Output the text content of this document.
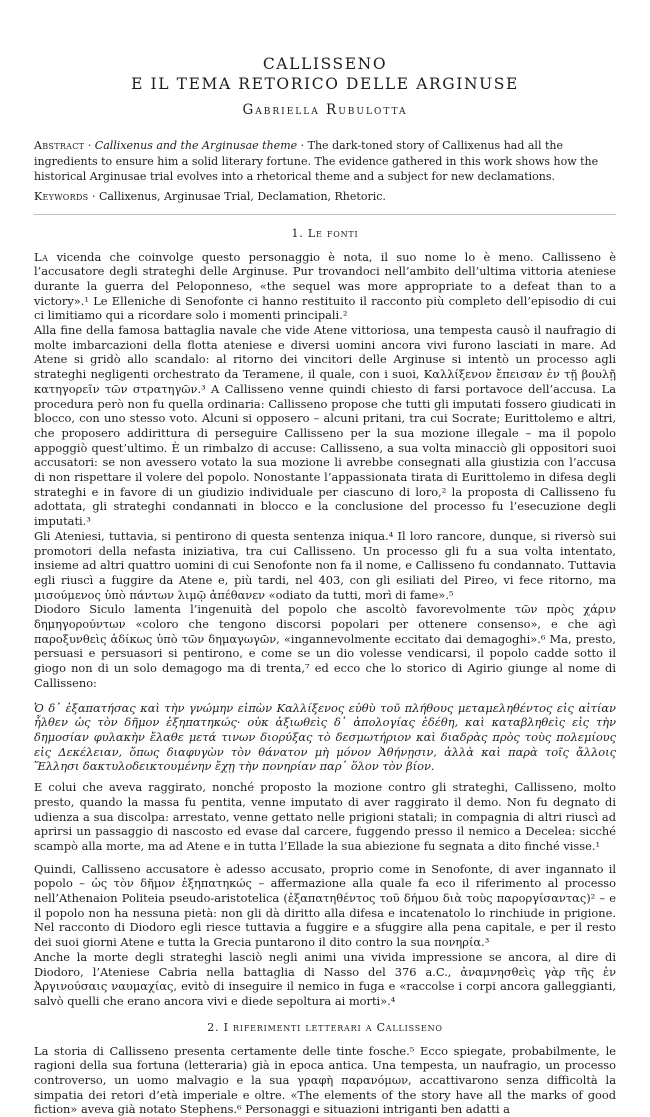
CALLISSENO

E IL TEMA RETORICO DELLE ARGINUSE

Gabriella Rubulotta
Abstract · Callixenus and the Arginusae theme · The dark-toned story of Callixenus had all the ingredients to ensure him a solid literary fortune. The evidence gathered in this work shows how the historical Arginusae trial evolves into a rhetorical theme and a subject for new declamations.
Keywords · Callixenus, Arginusae Trial, Declamation, Rhetoric.
1. Le fonti

La vicenda che coinvolge questo personaggio è nota, il suo nome lo è meno. Callisseno è l’accusatore degli strateghi delle Arginuse. Pur trovandoci nell’ambito dell’ultima vittoria ateniese durante la guerra del Peloponneso, «the sequel was more appropriate to a defeat than to a victory».¹ Le Elleniche di Senofonte ci hanno restituito il racconto più completo dell’episodio di cui ci limitiamo qui a ricordare solo i momenti principali.²

Alla fine della famosa battaglia navale che vide Atene vittoriosa, una tempesta causò il naufragio di molte imbarcazioni della flotta ateniese e diversi uomini ancora vivi furono lasciati in mare. Ad Atene si gridò allo scandalo: al ritorno dei vincitori delle Arginuse si intentò un processo agli strateghi negligenti orchestrato da Teramene, il quale, con i suoi, Καλλίξενον ἔπεισαν ἐν τῇ βουλῇ κατηγορεῖν τῶν στρατηγῶν.³ A Callisseno venne quindi chiesto di farsi portavoce dell’accusa. La procedura però non fu quella ordinaria: Callisseno propose che tutti gli imputati fossero giudicati in blocco, con uno stesso voto. Alcuni si opposero – alcuni pritani, tra cui Socrate; Eurittolemo e altri, che proposero addirittura di perseguire Callisseno per la sua mozione illegale – ma il popolo appoggiò quest’ultimo. È un rimbalzo di accuse: Callisseno, a sua volta minacciò gli oppositori suoi accusatori: se non avessero votato la sua mozione li avrebbe consegnati alla giustizia con l’accusa di non rispettare il volere del popolo. Nonostante l’appassionata tirata di Eurittolemo in difesa degli strateghi e in favore di un giudizio individuale per ciascuno di loro,² la proposta di Callisseno fu adottata, gli strateghi condannati in blocco e la conclusione del processo fu l’esecuzione degli imputati.³

Gli Ateniesi, tuttavia, si pentirono di questa sentenza iniqua.⁴ Il loro rancore, dunque, si riversò sui promotori della nefasta iniziativa, tra cui Callisseno. Un processo gli fu a sua volta intentato, insieme ad altri quattro uomini di cui Senofonte non fa il nome, e Callisseno fu condannato. Tuttavia egli riuscì a fuggire da Atene e, più tardi, nel 403, con gli esiliati del Pireo, vi fece ritorno, ma μισούμενος ὑπὸ πάντων λιμῷ ἀπέθανεν «odiato da tutti, morì di fame».⁵

Diodoro Siculo lamenta l’ingenuità del popolo che ascoltò favorevolmente τῶν πρὸς χάριν δημηγορούντων «coloro che tengono discorsi popolari per ottenere consenso», e che agì παροξυνθεὶς ἀδίκως ὑπὸ τῶν δημαγωγῶν, «ingannevolmente eccitato dai demagoghi».⁶ Ma, presto, persuasi e persuasori si pentirono, e come se un dio volesse vendicarsi, il popolo cadde sotto il giogo non di un solo demagogo ma di trenta,⁷ ed ecco che lo storico di Agirio giunge al nome di Callisseno:

Ὁ δ᾽ ἐξαπατήσας καὶ τὴν γνώμην εἰπὼν Καλλίξενος εὐθὺ τοῦ πλήθους μεταμεληθέντος εἰς αἰτίαν ἦλθεν ὡς τὸν δῆμον ἐξηπατηκώς· οὐκ ἀξιωθεὶς δ᾽ ἀπολογίας ἐδέθη, καὶ καταβληθεὶς εἰς τὴν δημοσίαν φυλακὴν ἔλαθε μετά τινων διορύξας τὸ δεσμωτήριον καὶ διαδρὰς πρὸς τοὺς πολεμίους εἰς Δεκέλειαν, ὅπως διαφυγὼν τὸν θάνατον μὴ μόνον Ἀθήνῃσιν, ἀλλὰ καὶ παρὰ τοῖς ἄλλοις Ἕλλησι δακτυλοδεικτουμένην ἔχῃ τὴν πονηρίαν παρ᾽ ὅλον τὸν βίον.

E colui che aveva raggirato, nonché proposto la mozione contro gli strateghi, Callisseno, molto presto, quando la massa fu pentita, venne imputato di aver raggirato il demo. Non fu degnato di udienza a sua discolpa: arrestato, venne gettato nelle prigioni statali; in compagnia di altri riuscì ad aprirsi un passaggio di nascosto ed evase dal carcere, fuggendo presso il nemico a Decelea: sicché scampò alla morte, ma ad Atene e in tutta l’Ellade la sua abiezione fu segnata a dito finché visse.¹

Quindi, Callisseno accusatore è adesso accusato, proprio come in Senofonte, di aver ingannato il popolo – ὡς τὸν δῆμον ἐξηπατηκώς – affermazione alla quale fa eco il riferimento al processo nell’Athenaion Politeia pseudo-aristotelica (ἐξαπατηθέντος τοῦ δήμου διὰ τοὺς παροργίσαντας)² – e il popolo non ha nessuna pietà: non gli dà diritto alla difesa e incatenatolo lo rinchiude in prigione. Nel racconto di Diodoro egli riesce tuttavia a fuggire e a sfuggire alla pena capitale, e per il resto dei suoi giorni Atene e tutta la Grecia puntarono il dito contro la sua πονηρία.³

Anche la morte degli strateghi lasciò negli animi una vivida impressione se ancora, al dire di Diodoro, l’Ateniese Cabria nella battaglia di Nasso del 376 a.C., ἀναμνησθεὶς γὰρ τῆς ἐν Ἀργινούσαις ναυμαχίας, evitò di inseguire il nemico in fuga e «raccolse i corpi ancora galleggianti, salvò quelli che erano ancora vivi e diede sepoltura ai morti».⁴

2. I riferimenti letterari a Callisseno

La storia di Callisseno presenta certamente delle tinte fosche.⁵ Ecco spiegate, probabilmente, le ragioni della sua fortuna (letteraria) già in epoca antica. Una tempesta, un naufragio, un processo controverso, un uomo malvagio e la sua γραφὴ παρανόμων, accattivarono senza difficoltà la simpatia dei retori d’età imperiale e oltre. «The elements of the story have all the marks of good fiction» aveva già notato Stephens.⁶ Personaggi e situazioni intriganti ben adatti a
